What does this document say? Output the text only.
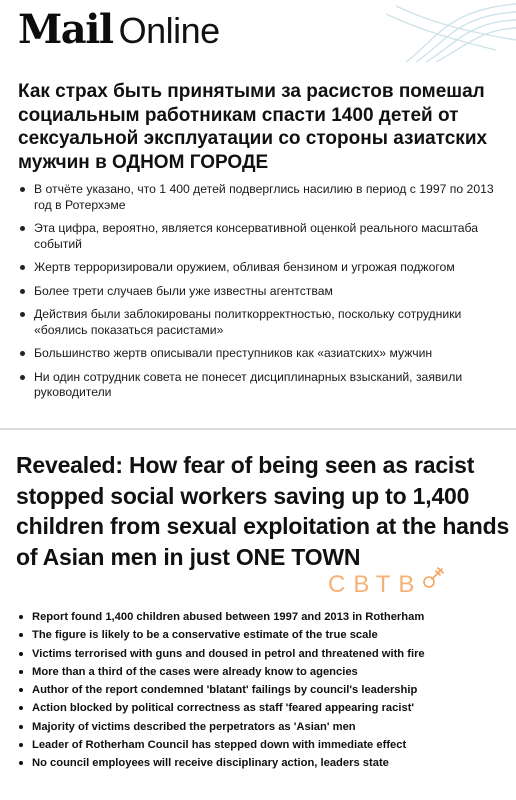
Mail Online
Как страх быть принятыми за расистов помешал социальным работникам спасти 1400 детей от сексуальной эксплуатации со стороны азиатских мужчин в ОДНОМ ГОРОДЕ
В отчёте указано, что 1 400 детей подверглись насилию в период с 1997 по 2013 год в Ротерхэме
Эта цифра, вероятно, является консервативной оценкой реального масштаба событий
Жертв терроризировали оружием, обливая бензином и угрожая поджогом
Более трети случаев были уже известны агентствам
Действия были заблокированы политкорректностью, поскольку сотрудники «боялись показаться расистами»
Большинство жертв описывали преступников как «азиатских» мужчин
Ни один сотрудник совета не понесет дисциплинарных взысканий, заявили руководители
Revealed: How fear of being seen as racist stopped social workers saving up to 1,400 children from sexual exploitation at the hands of Asian men in just ONE TOWN
СВТВ
Report found 1,400 children abused between 1997 and 2013 in Rotherham
The figure is likely to be a conservative estimate of the true scale
Victims terrorised with guns and doused in petrol and threatened with fire
More than a third of the cases were already know to agencies
Author of the report condemned 'blatant' failings by council's leadership
Action blocked by political correctness as staff 'feared appearing racist'
Majority of victims described the perpetrators as 'Asian' men
Leader of Rotherham Council has stepped down with immediate effect
No council employees will receive disciplinary action, leaders state
